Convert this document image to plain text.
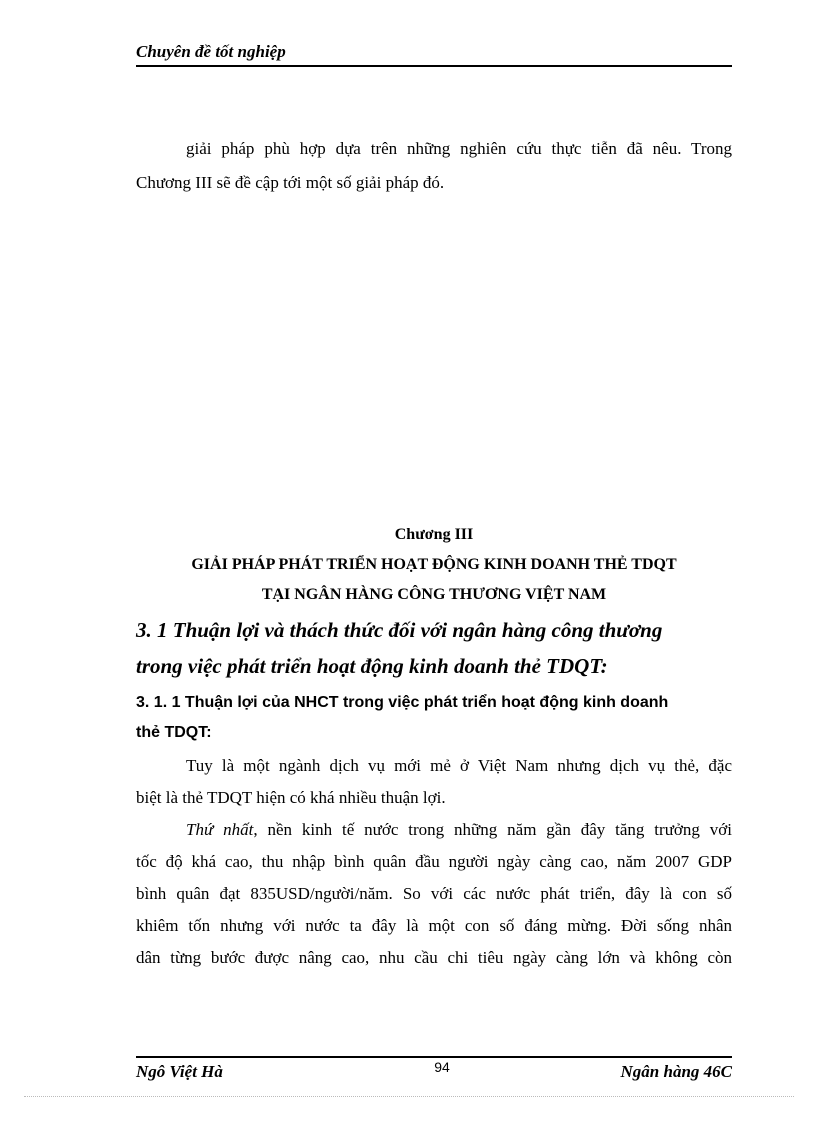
Chuyên đề tốt nghiệp

giải pháp phù hợp dựa trên những nghiên cứu thực tiễn đã nêu. Trong

Chương III sẽ đề cập tới một số giải pháp đó.

Chương III
GIẢI PHÁP PHÁT TRIỂN HOẠT ĐỘNG KINH DOANH THẺ TDQT
TẠI NGÂN HÀNG CÔNG THƯƠNG VIỆT NAM
3. 1 Thuận lợi và thách thức đối với ngân hàng công thương
trong việc phát triển hoạt động kinh doanh thẻ TDQT:
3. 1. 1 Thuận lợi của NHCT trong việc phát triển hoạt động kinh doanh
thẻ TDQT:
Tuy là một ngành dịch vụ mới mẻ ở Việt Nam nhưng dịch vụ thẻ, đặc
biệt là thẻ TDQT hiện có khá nhiều thuận lợi.
Thứ nhất, nền kinh tế nước trong những năm gần đây tăng trưởng với
tốc độ khá cao, thu nhập bình quân đầu người ngày càng cao, năm 2007 GDP
bình quân đạt 835USD/người/năm. So với các nước phát triển, đây là con số
khiêm tốn nhưng với nước ta đây là một con số đáng mừng. Đời sống nhân
dân từng bước được nâng cao, nhu cầu chi tiêu ngày càng lớn và không còn
Ngô Việt Hà	94	Ngân hàng 46C
